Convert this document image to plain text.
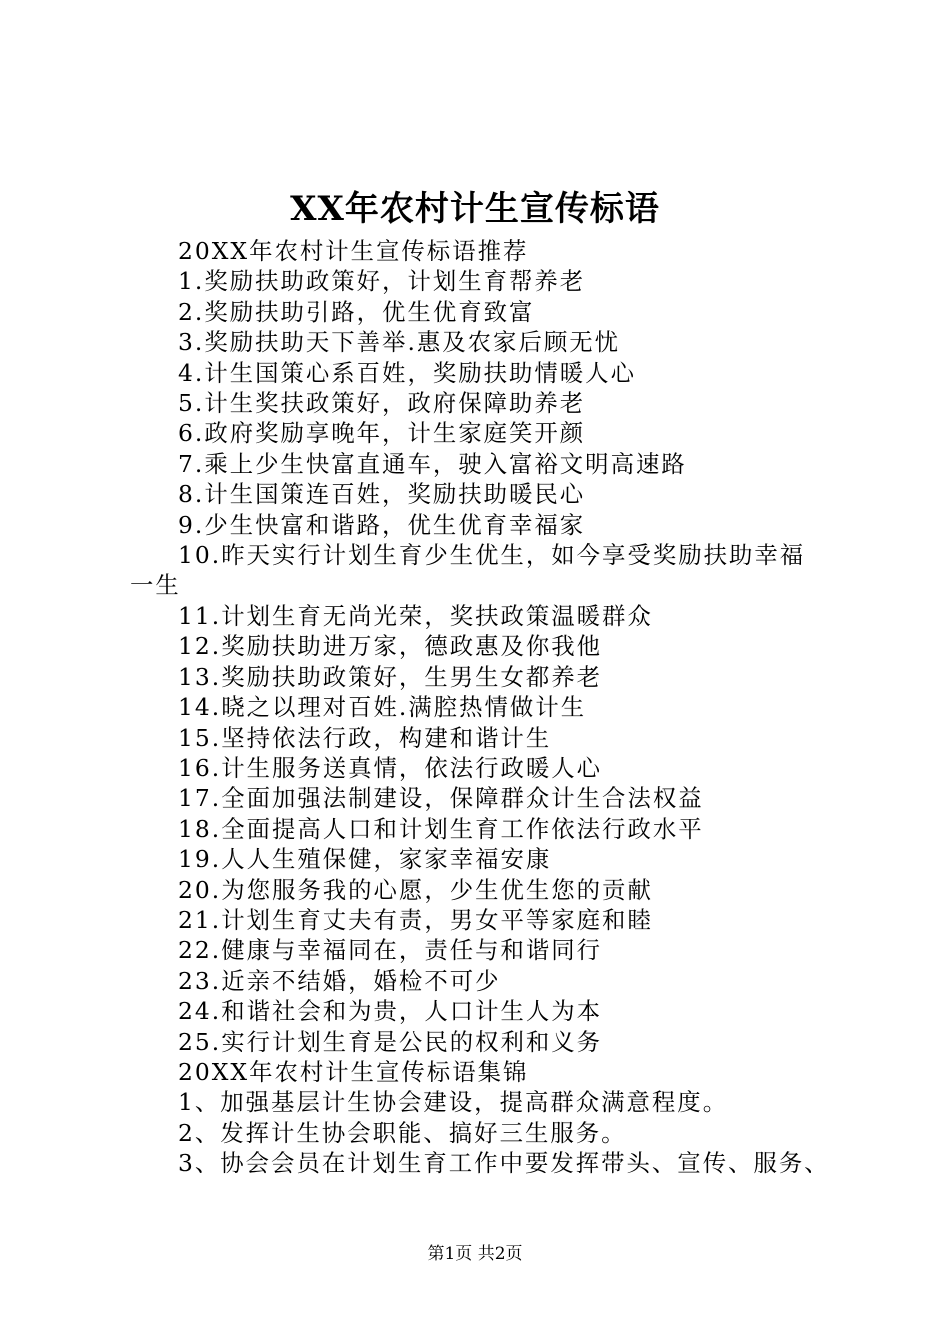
XX年农村计生宣传标语

20XX年农村计生宣传标语推荐

1.奖励扶助政策好，计划生育帮养老

2.奖励扶助引路，优生优育致富

3.奖励扶助天下善举.惠及农家后顾无忧

4.计生国策心系百姓，奖励扶助情暖人心

5.计生奖扶政策好，政府保障助养老

6.政府奖励享晚年，计生家庭笑开颜

7.乘上少生快富直通车，驶入富裕文明高速路

8.计生国策连百姓，奖励扶助暖民心

9.少生快富和谐路，优生优育幸福家

10.昨天实行计划生育少生优生，如今享受奖励扶助幸福一生

11.计划生育无尚光荣，奖扶政策温暖群众

12.奖励扶助进万家，德政惠及你我他

13.奖励扶助政策好，生男生女都养老

14.晓之以理对百姓.满腔热情做计生

15.坚持依法行政，构建和谐计生

16.计生服务送真情，依法行政暖人心

17.全面加强法制建设，保障群众计生合法权益

18.全面提高人口和计划生育工作依法行政水平

19.人人生殖保健，家家幸福安康

20.为您服务我的心愿，少生优生您的贡献

21.计划生育丈夫有责，男女平等家庭和睦

22.健康与幸福同在，责任与和谐同行

23.近亲不结婚，婚检不可少

24.和谐社会和为贵，人口计生人为本

25.实行计划生育是公民的权利和义务

20XX年农村计生宣传标语集锦

1、加强基层计生协会建设，提高群众满意程度。

2、发挥计生协会职能、搞好三生服务。

3、协会会员在计划生育工作中要发挥带头、宣传、服务、

第1页 共2页
